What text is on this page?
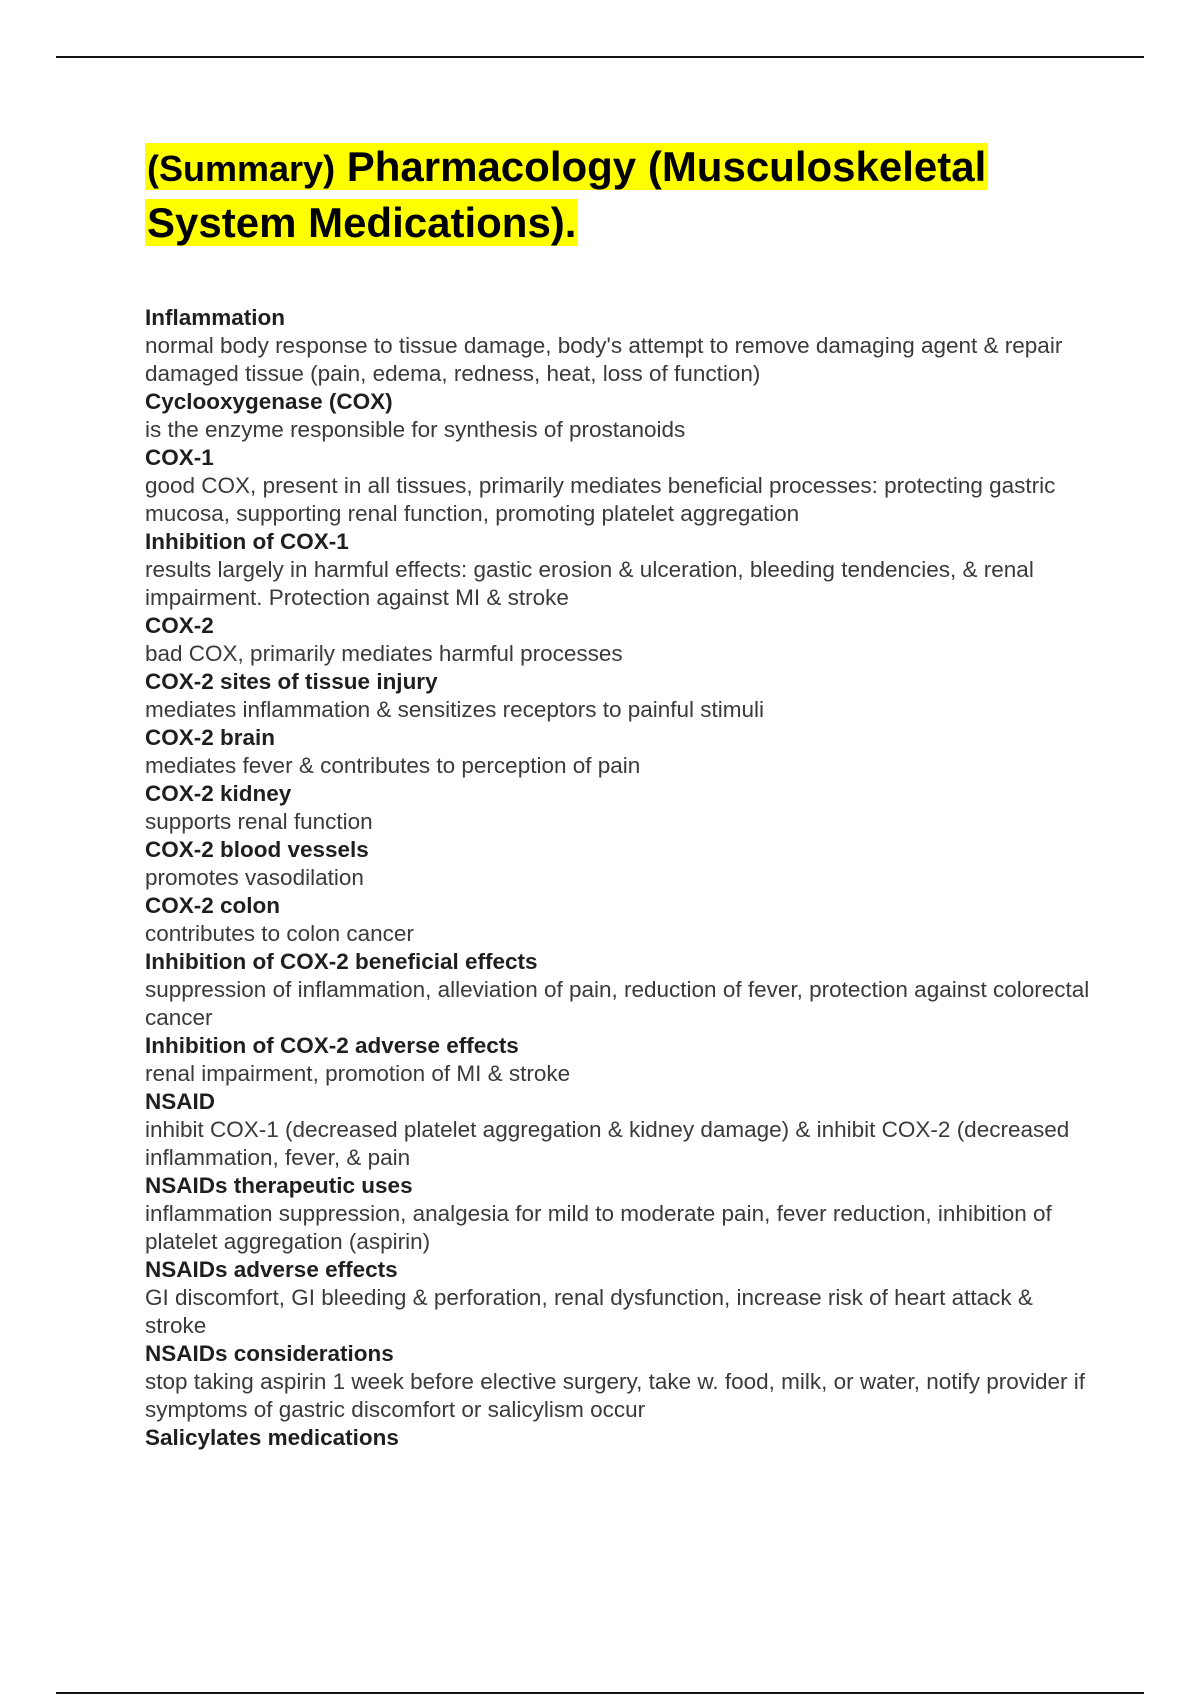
(Summary) Pharmacology (Musculoskeletal System Medications).
Inflammation
normal body response to tissue damage, body's attempt to remove damaging agent & repair damaged tissue (pain, edema, redness, heat, loss of function)
Cyclooxygenase (COX)
is the enzyme responsible for synthesis of prostanoids
COX-1
good COX, present in all tissues, primarily mediates beneficial processes: protecting gastric mucosa, supporting renal function, promoting platelet aggregation
Inhibition of COX-1
results largely in harmful effects: gastic erosion & ulceration, bleeding tendencies, & renal impairment. Protection against MI & stroke
COX-2
bad COX, primarily mediates harmful processes
COX-2 sites of tissue injury
mediates inflammation & sensitizes receptors to painful stimuli
COX-2 brain
mediates fever & contributes to perception of pain
COX-2 kidney
supports renal function
COX-2 blood vessels
promotes vasodilation
COX-2 colon
contributes to colon cancer
Inhibition of COX-2 beneficial effects
suppression of inflammation, alleviation of pain, reduction of fever, protection against colorectal cancer
Inhibition of COX-2 adverse effects
renal impairment, promotion of MI & stroke
NSAID
inhibit COX-1 (decreased platelet aggregation & kidney damage) & inhibit COX-2 (decreased inflammation, fever, & pain
NSAIDs therapeutic uses
inflammation suppression, analgesia for mild to moderate pain, fever reduction, inhibition of platelet aggregation (aspirin)
NSAIDs adverse effects
GI discomfort, GI bleeding & perforation, renal dysfunction, increase risk of heart attack & stroke
NSAIDs considerations
stop taking aspirin 1 week before elective surgery, take w. food, milk, or water, notify provider if symptoms of gastric discomfort or salicylism occur
Salicylates medications
